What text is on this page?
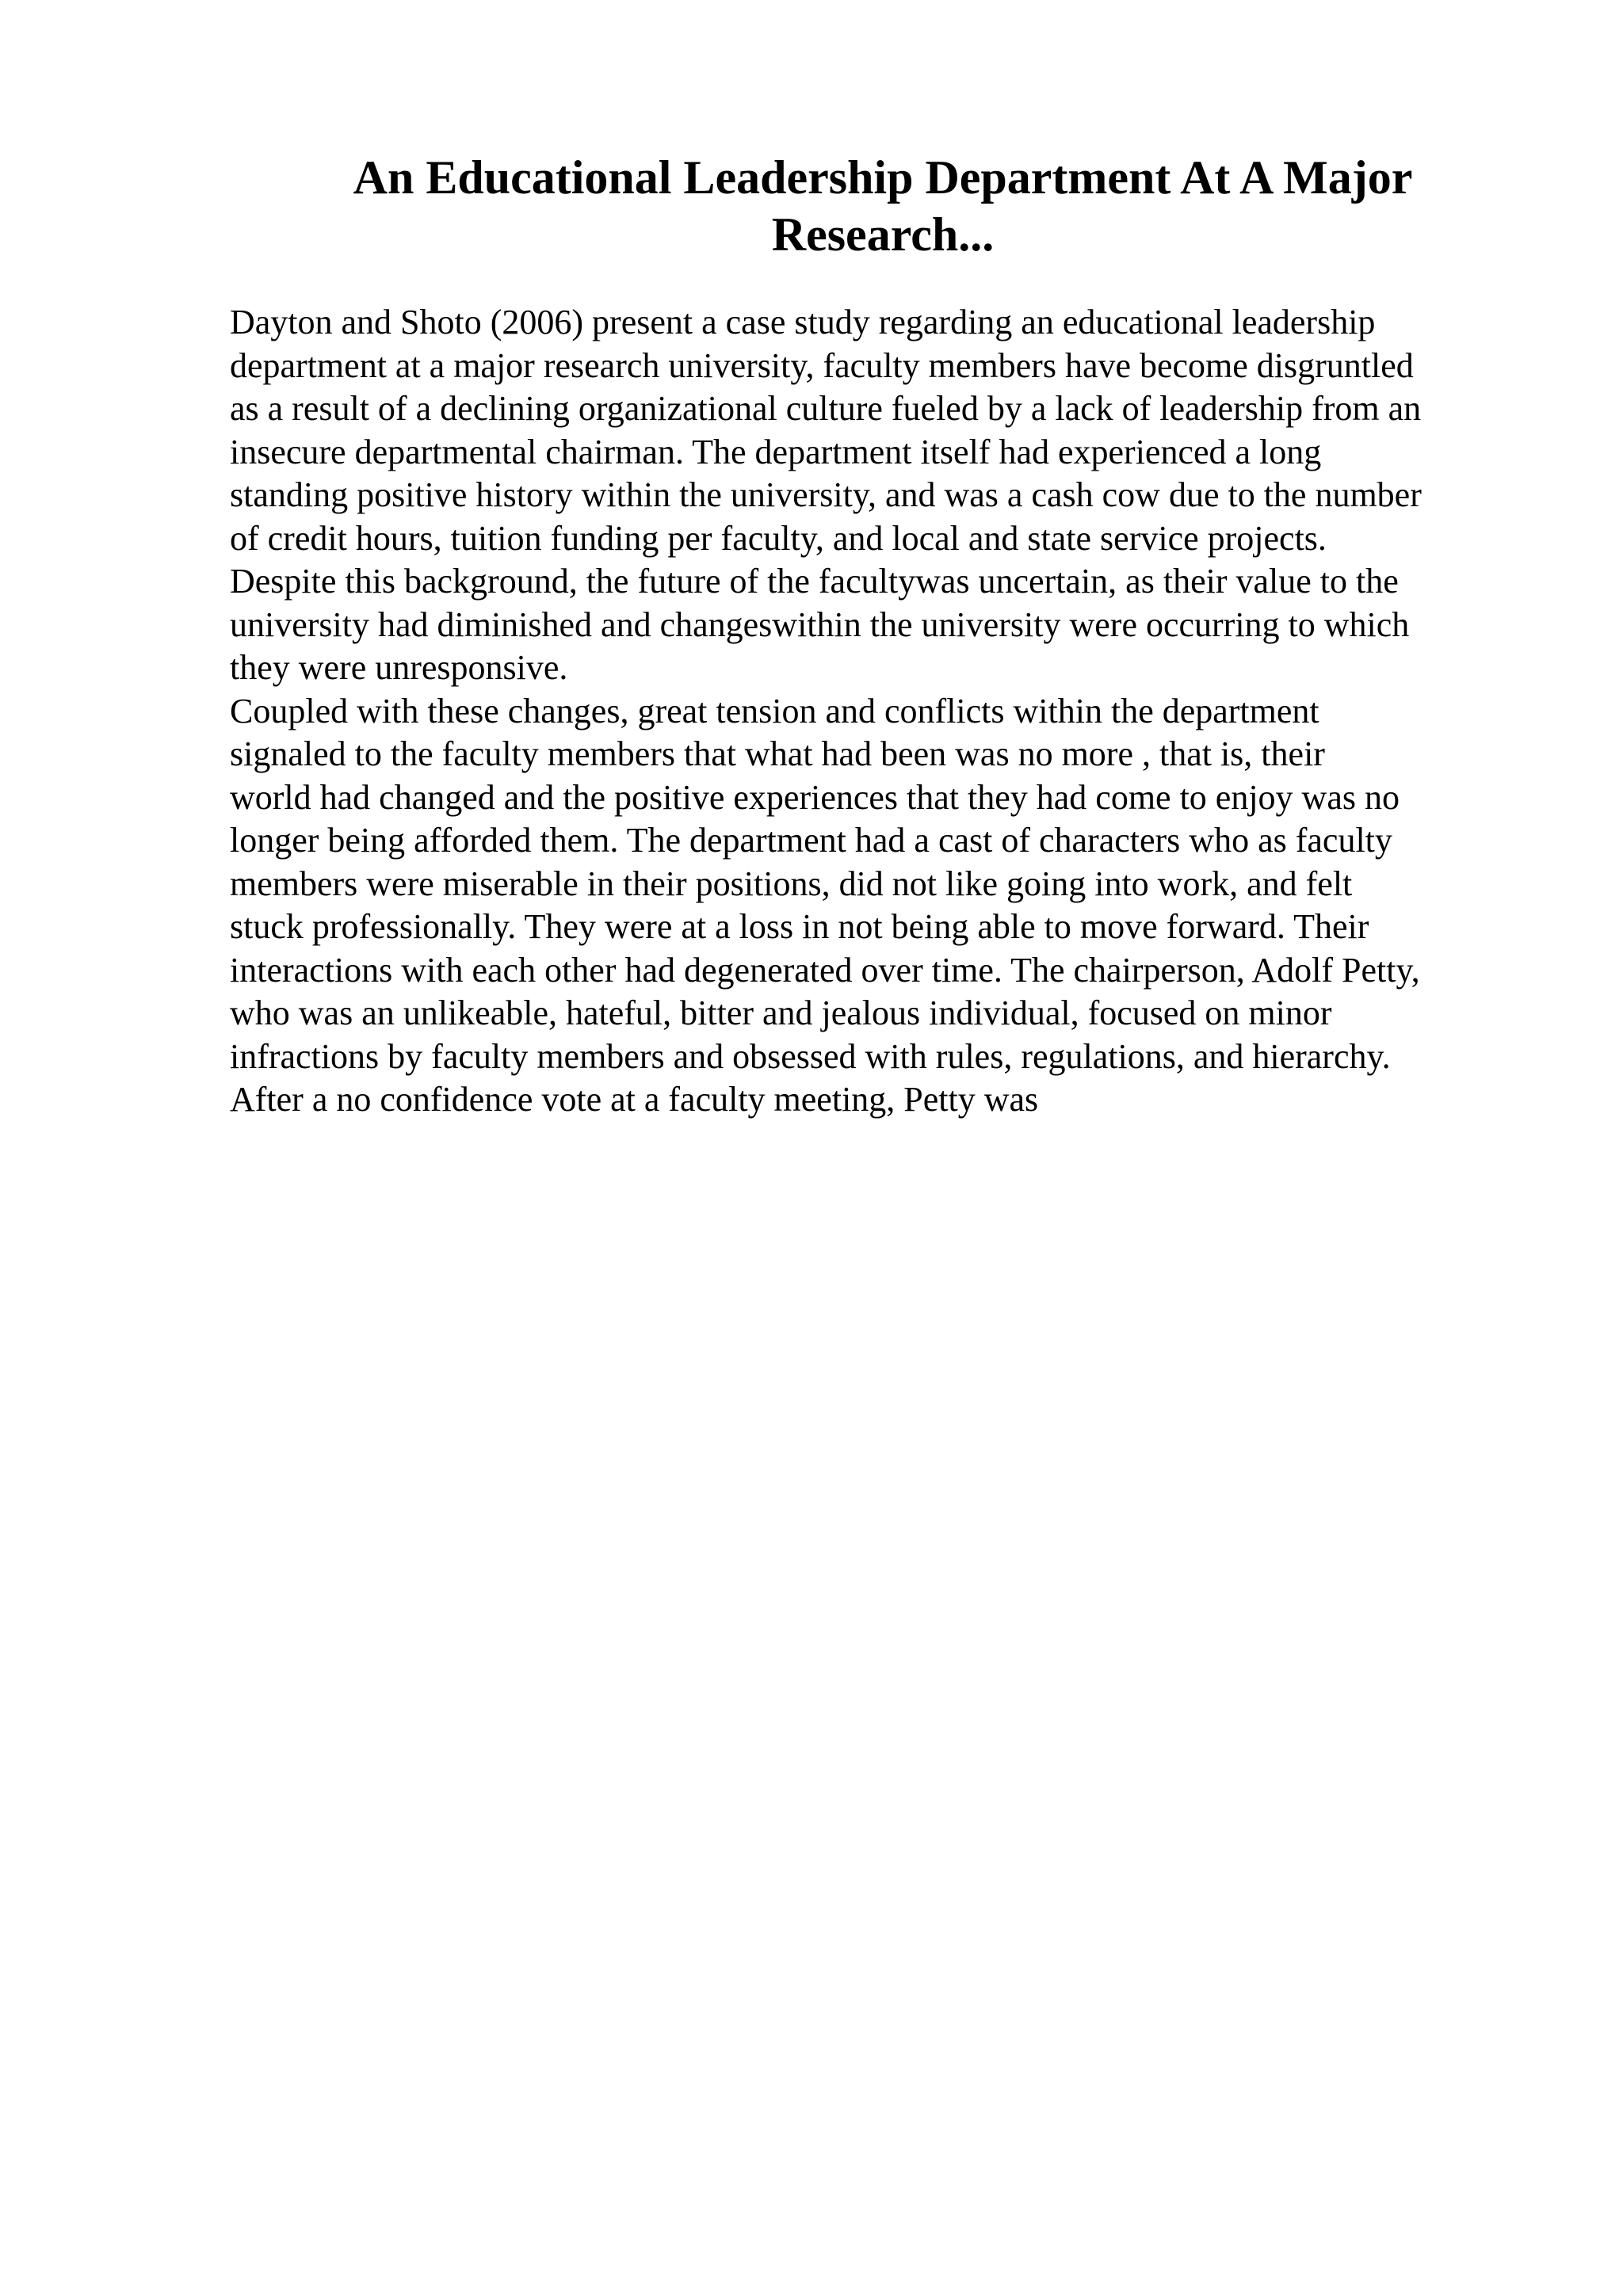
An Educational Leadership Department At A Major
Research...
Dayton and Shoto (2006) present a case study regarding an educational leadership
department at a major research university, faculty members have become disgruntled
as a result of a declining organizational culture fueled by a lack of leadership from an
insecure departmental chairman. The department itself had experienced a long
standing positive history within the university, and was a cash cow due to the number
of credit hours, tuition funding per faculty, and local and state service projects.
Despite this background, the future of the facultywas uncertain, as their value to the
university had diminished and changeswithin the university were occurring to which
they were unresponsive.
Coupled with these changes, great tension and conflicts within the department
signaled to the faculty members that what had been was no more , that is, their
world had changed and the positive experiences that they had come to enjoy was no
longer being afforded them. The department had a cast of characters who as faculty
members were miserable in their positions, did not like going into work, and felt
stuck professionally. They were at a loss in not being able to move forward. Their
interactions with each other had degenerated over time. The chairperson, Adolf Petty,
who was an unlikeable, hateful, bitter and jealous individual, focused on minor
infractions by faculty members and obsessed with rules, regulations, and hierarchy.
After a no confidence vote at a faculty meeting, Petty was
